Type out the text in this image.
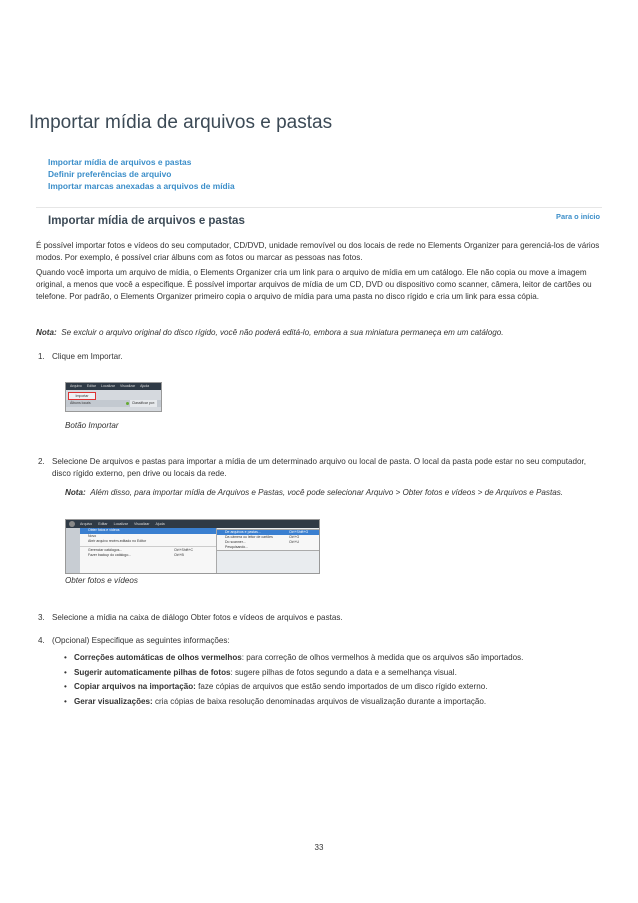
Importar mídia de arquivos e pastas
Importar mídia de arquivos e pastas
Definir preferências de arquivo
Importar marcas anexadas a arquivos de mídia
Para o início
Importar mídia de arquivos e pastas

É possível importar fotos e vídeos do seu computador, CD/DVD, unidade removível ou dos locais de rede no Elements Organizer para gerenciá-los de vários modos. Por exemplo, é possível criar álbuns com as fotos ou marcar as pessoas nas fotos.

Quando você importa um arquivo de mídia, o Elements Organizer cria um link para o arquivo de mídia em um catálogo. Ele não copia ou move a imagem original, a menos que você a especifique. É possível importar arquivos de mídia de um CD, DVD ou dispositivo como scanner, câmera, leitor de cartões ou telefone. Por padrão, o Elements Organizer primeiro copia o arquivo de mídia para uma pasta no disco rígido e cria um link para essa cópia.

Nota: Se excluir o arquivo original do disco rígido, você não poderá editá-lo, embora a sua miniatura permaneça em um catálogo.

1. Clique em Importar.

Arquivo Editar Localizar Visualizar Ajuda
Importar
Álbuns locais	Classificar por:
Botão Importar

2. Selecione De arquivos e pastas para importar a mídia de um determinado arquivo ou local de pasta. O local da pasta pode estar no seu computador, disco rígido externo, pen drive ou locais da rede.

Nota: Além disso, para importar mídia de Arquivos e Pastas, você pode selecionar Arquivo > Obter fotos e vídeos > de Arquivos e Pastas.

Arquivo Editar Localizar Visualizar Ajuda
Obter fotos e vídeos
Novo
Abrir arquivo recém-editado no Editor
Gerenciar catálogos...	Ctrl+Shift+C
Fazer backup do catálogo...	Ctrl+B
De arquivos e pastas...	Ctrl+Shift+G
Da câmera ou leitor de cartões	Ctrl+G
Do scanner...	Ctrl+U
Pesquisando...
Obter fotos e vídeos

3. Selecione a mídia na caixa de diálogo Obter fotos e vídeos de arquivos e pastas.

4. (Opcional) Especifique as seguintes informações:

• Correções automáticas de olhos vermelhos: para correção de olhos vermelhos à medida que os arquivos são importados.
• Sugerir automaticamente pilhas de fotos: sugere pilhas de fotos segundo a data e a semelhança visual.
• Copiar arquivos na importação: faze cópias de arquivos que estão sendo importados de um disco rígido externo.
• Gerar visualizações: cria cópias de baixa resolução denominadas arquivos de visualização durante a importação.
33
